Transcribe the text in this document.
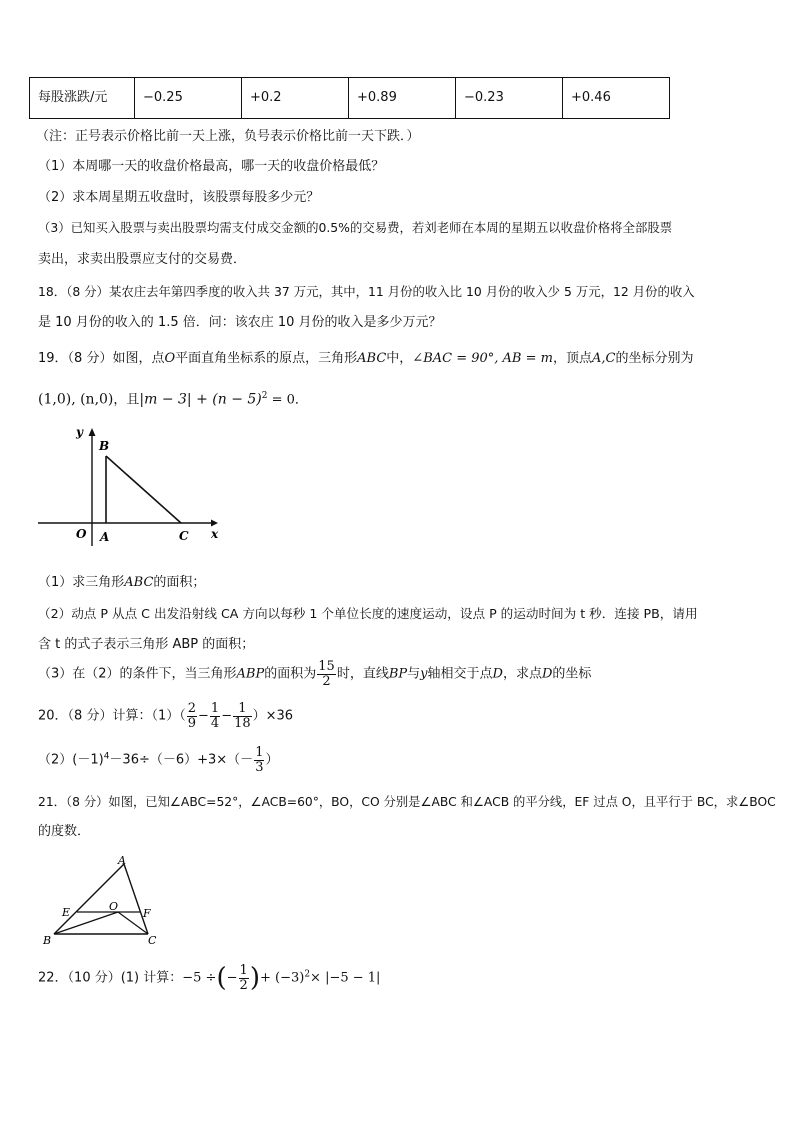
每股涨跌/元	−0.25	+0.2	+0.89	−0.23	+0.46
（注：正号表示价格比前一天上涨，负号表示价格比前一天下跌．）
（1）本周哪一天的收盘价格最高，哪一天的收盘价格最低？
（2）求本周星期五收盘时，该股票每股多少元？
（3）已知买入股票与卖出股票均需支付成交金额的0.5%的交易费，若刘老师在本周的星期五以收盘价格将全部股票
卖出，求卖出股票应支付的交易费．
18．（8 分）某农庄去年第四季度的收入共 37 万元，其中，11 月份的收入比 10 月份的收入少 5 万元，12 月份的收入
是 10 月份的收入的 1.5 倍．问：该农庄 10 月份的收入是多少万元？
19．（8 分）如图，点O平面直角坐标系的原点，三角形ABC中，∠BAC = 90°, AB = m，顶点A,C的坐标分别为
(1,0), (n,0)，且$|m - 3| + (n - 5)^2 = 0$．
y
x
B
O A	C
（1）求三角形ABC的面积；
（2）动点 P 从点 C 出发沿射线 CA 方向以每秒 1 个单位长度的速度运动，设点 P 的运动时间为 t 秒．连接 PB，请用
含 t 的式子表示三角形 ABP 的面积；
（3）在（2）的条件下，当三角形ABP的面积为 $\frac{15}{2}$ 时，直线BP与y轴相交于点D，求点D的坐标
20．（8 分）计算：$(1)( \frac{2}{9} - \frac{1}{4} - \frac{1}{18} )\times 36$
$(2)(-1)^4-36\div(-6)+3\times(- \frac{1}{3}$ ）
21．（8 分）如图，已知∠ABC=52°，∠ACB=60°，BO，CO 分别是∠ABC 和∠ACB 的平分线，EF 过点 O，且平行于 BC，求∠BOC
的度数．
A
E	O
F
B	C
22．（10 分）(1) 计算：−5 ÷(− $\frac{1}{2}$ )+ $(-3)^2\times |-5 - 1|$
